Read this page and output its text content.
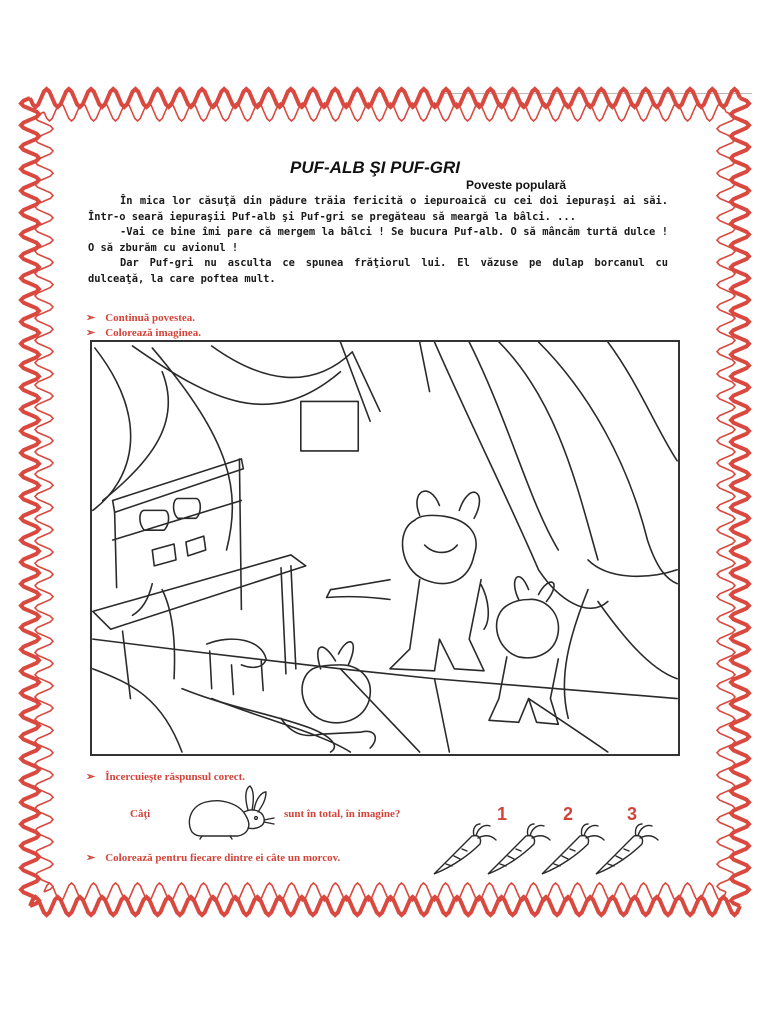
PUF-ALB ŞI PUF-GRI
Poveste populară

În mica lor căsuţă din pădure trăia fericită o iepuroaică cu cei doi iepuraşi ai săi. Într-o seară iepuraşii Puf-alb şi Puf-gri se pregăteau să meargă la bâlci. ...

-Vai ce bine îmi pare că mergem la bâlci ! Se bucura Puf-alb. O să mâncăm turtă dulce ! O să zburăm cu avionul !

Dar Puf-gri nu asculta ce spunea frăţiorul lui. El văzuse pe dulap borcanul cu dulceaţă, la care poftea mult.

➢ Continuă povestea.
➢ Colorează imaginea.
➢ Încercuieşte răspunsul corect.
Câţi	sunt în total, în imagine?	1	2	3
➢ Colorează pentru fiecare dintre ei câte un morcov.
